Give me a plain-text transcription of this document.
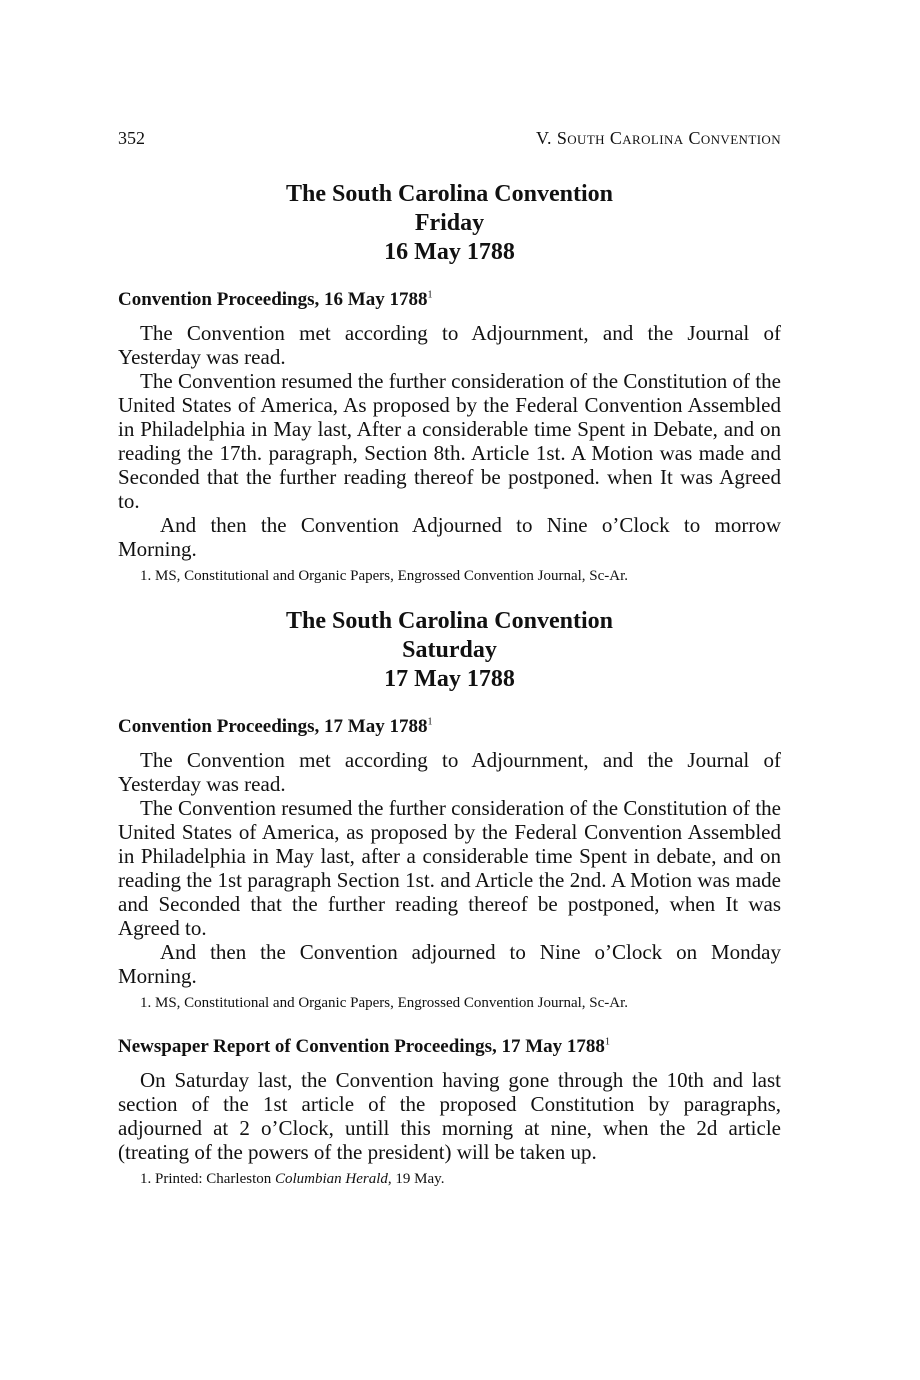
352	V. South Carolina Convention
The South Carolina Convention
Friday
16 May 1788
Convention Proceedings, 16 May 1788$^1$

The Convention met according to Adjournment, and the Journal of Yesterday was read.

The Convention resumed the further consideration of the Constitution of the United States of America, As proposed by the Federal Convention Assembled in Philadelphia in May last, After a considerable time Spent in Debate, and on reading the 17th. paragraph, Section 8th. Article 1st. A Motion was made and Seconded that the further reading thereof be postponed. when It was Agreed to.

And then the Convention Adjourned to Nine o’Clock to morrow Morning.

1. MS, Constitutional and Organic Papers, Engrossed Convention Journal, Sc-Ar.

The South Carolina Convention
Saturday
17 May 1788
Convention Proceedings, 17 May 1788$^1$

The Convention met according to Adjournment, and the Journal of Yesterday was read.

The Convention resumed the further consideration of the Constitution of the United States of America, as proposed by the Federal Convention Assembled in Philadelphia in May last, after a considerable time Spent in debate, and on reading the 1st paragraph Section 1st. and Article the 2nd. A Motion was made and Seconded that the further reading thereof be postponed, when It was Agreed to.

And then the Convention adjourned to Nine o’Clock on Monday Morning.

1. MS, Constitutional and Organic Papers, Engrossed Convention Journal, Sc-Ar.

Newspaper Report of Convention Proceedings, 17 May 1788$^1$

On Saturday last, the Convention having gone through the 10th and last section of the 1st article of the proposed Constitution by paragraphs, adjourned at 2 o’Clock, untill this morning at nine, when the 2d article (treating of the powers of the president) will be taken up.

1. Printed: Charleston Columbian Herald, 19 May.
